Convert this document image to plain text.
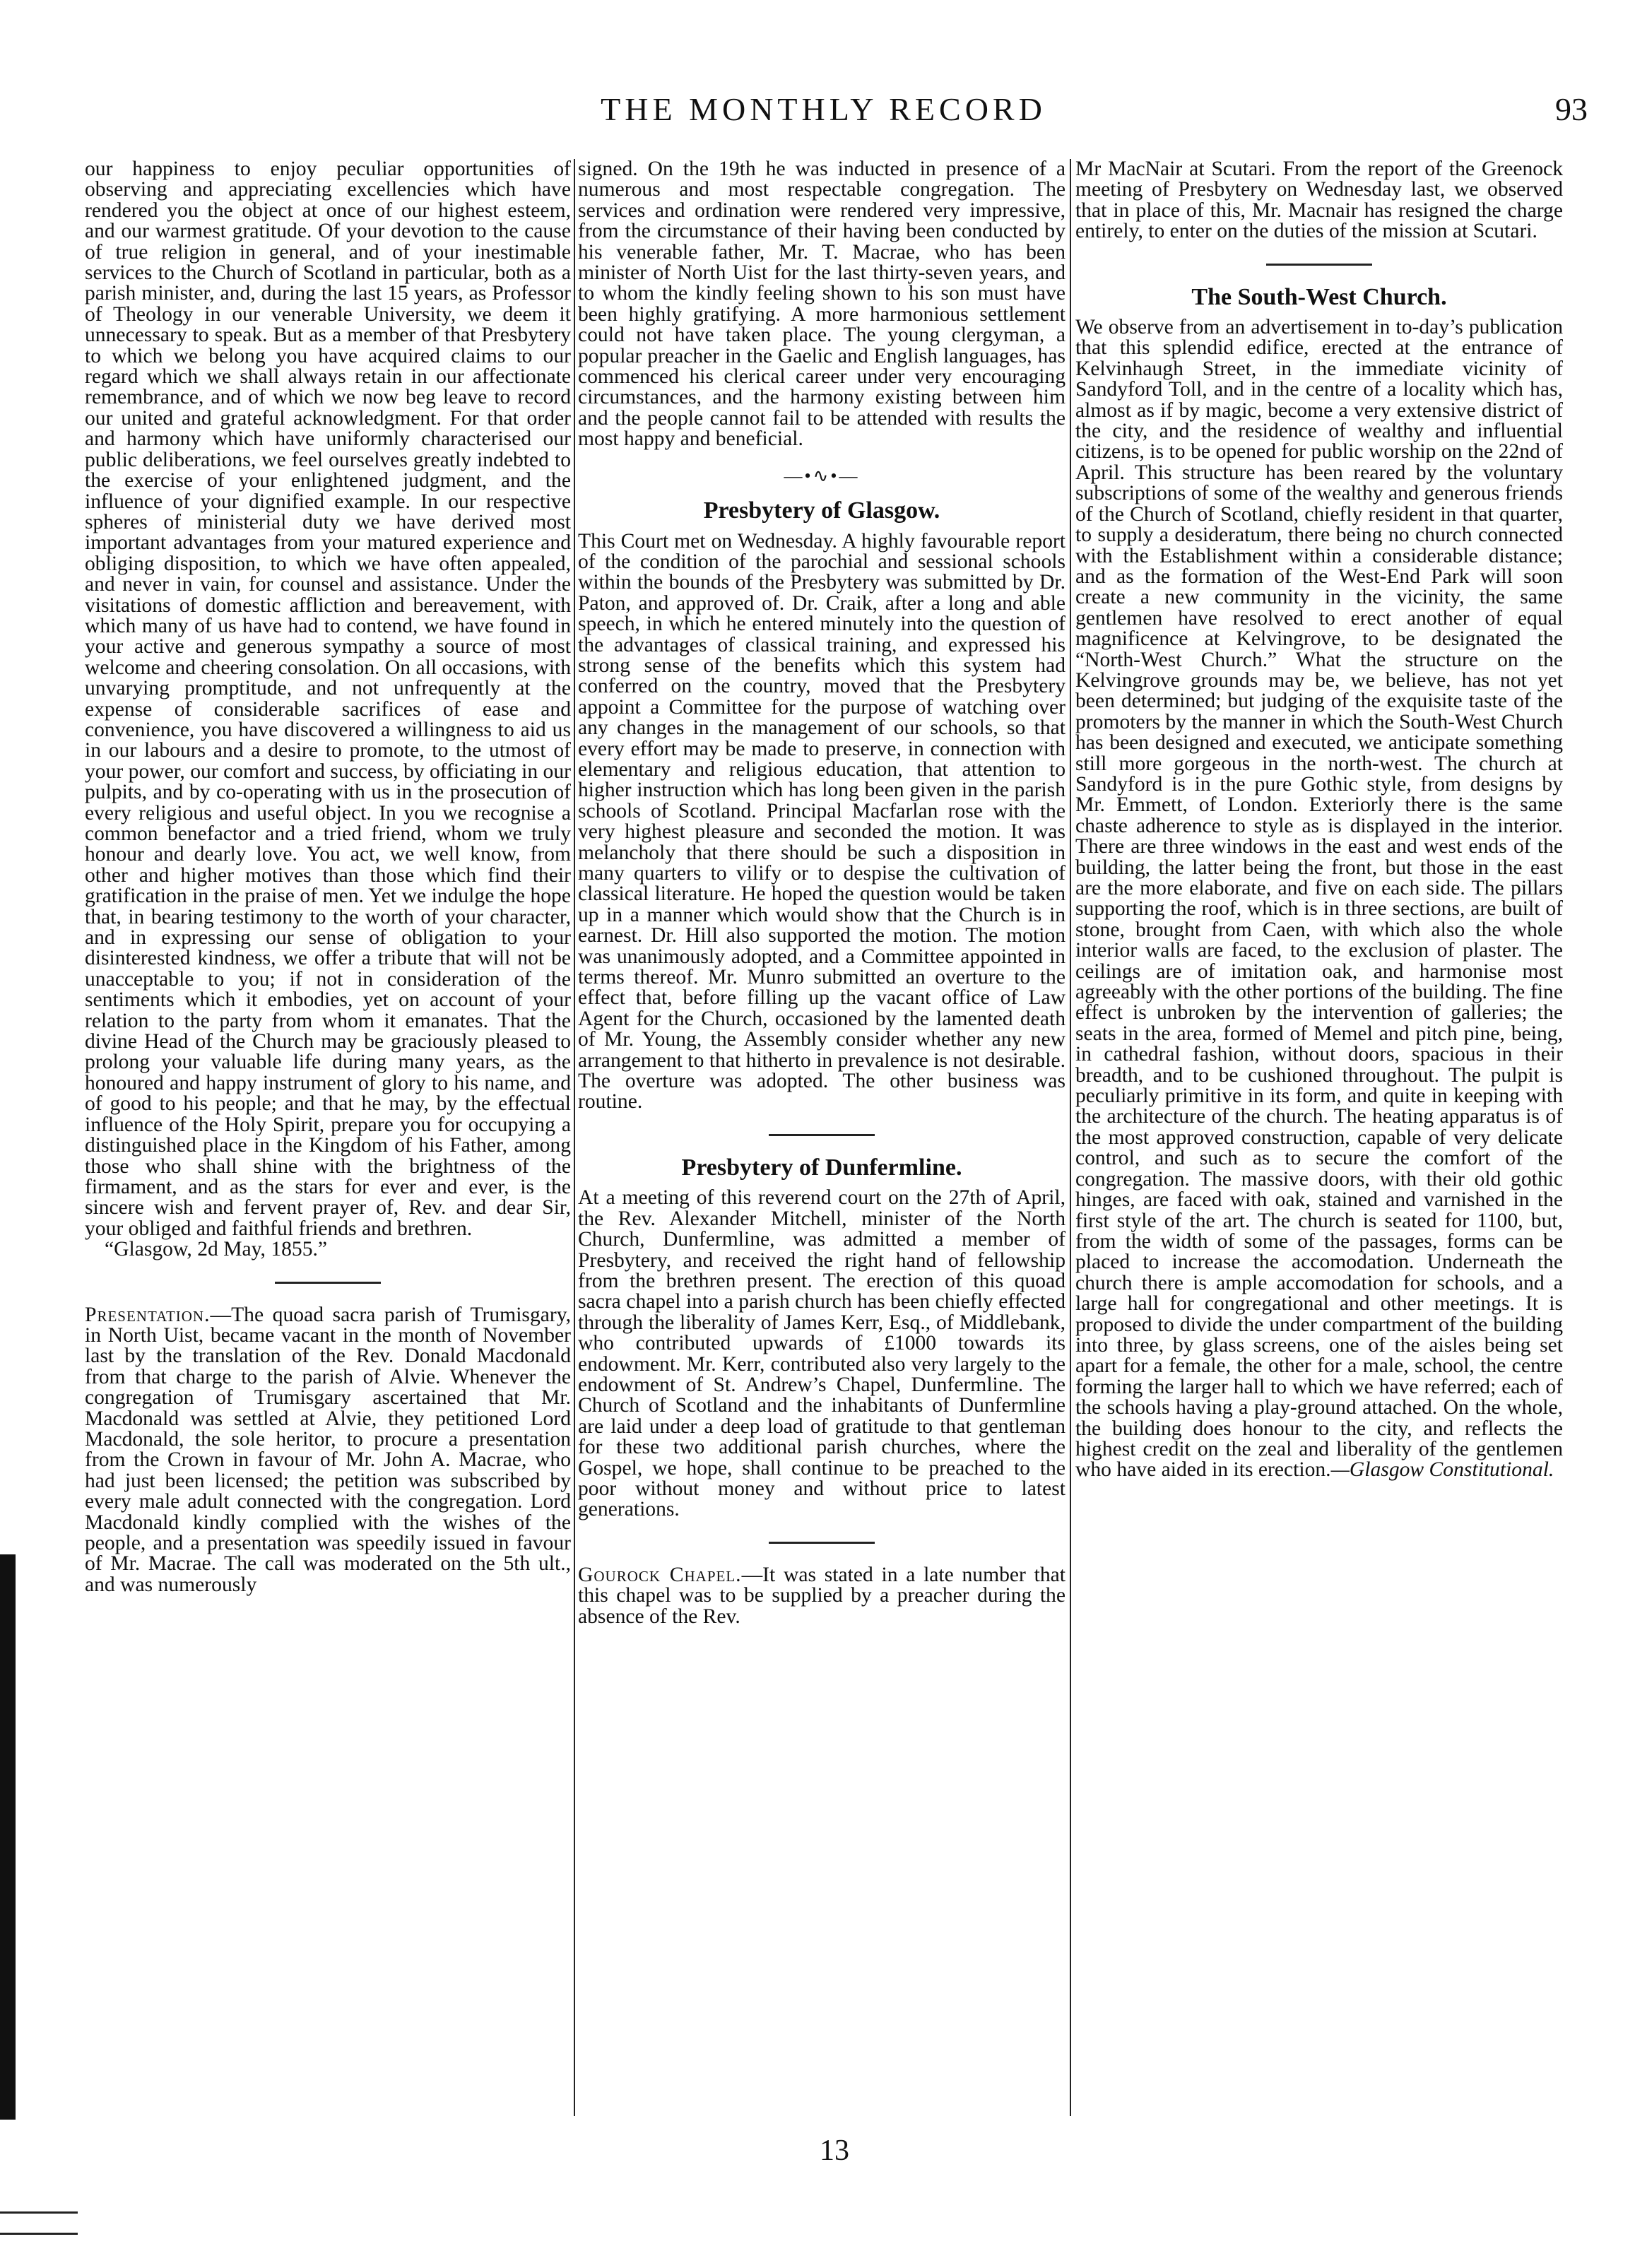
THE MONTHLY RECORD	93

our happiness to enjoy peculiar opportunities of observing and appreciating excellencies which have rendered you the object at once of our highest esteem, and our warmest gratitude. Of your devotion to the cause of true religion in general, and of your inestimable services to the Church of Scotland in particular, both as a parish minister, and, during the last 15 years, as Professor of Theology in our venerable University, we deem it unnecessary to speak. But as a member of that Presbytery to which we belong you have acquired claims to our regard which we shall always retain in our affectionate remembrance, and of which we now beg leave to record our united and grateful acknowledgment. For that order and harmony which have uniformly characterised our public deliberations, we feel ourselves greatly indebted to the exercise of your enlightened judgment, and the influence of your dignified example. In our respective spheres of ministerial duty we have derived most important advantages from your matured experience and obliging disposition, to which we have often appealed, and never in vain, for counsel and assistance. Under the visitations of domestic affliction and bereavement, with which many of us have had to contend, we have found in your active and generous sympathy a source of most welcome and cheering consolation. On all occasions, with unvarying promptitude, and not unfrequently at the expense of considerable sacrifices of ease and convenience, you have discovered a willingness to aid us in our labours and a desire to promote, to the utmost of your power, our comfort and success, by officiating in our pulpits, and by co-operating with us in the prosecution of every religious and useful object. In you we recognise a common benefactor and a tried friend, whom we truly honour and dearly love. You act, we well know, from other and higher motives than those which find their gratification in the praise of men. Yet we indulge the hope that, in bearing testimony to the worth of your character, and in expressing our sense of obligation to your disinterested kindness, we offer a tribute that will not be unacceptable to you; if not in consideration of the sentiments which it embodies, yet on account of your relation to the party from whom it emanates. That the divine Head of the Church may be graciously pleased to prolong your valuable life during many years, as the honoured and happy instrument of glory to his name, and of good to his people; and that he may, by the effectual influence of the Holy Spirit, prepare you for occupying a distinguished place in the Kingdom of his Father, among those who shall shine with the brightness of the firmament, and as the stars for ever and ever, is the sincere wish and fervent prayer of, Rev. and dear Sir, your obliged and faithful friends and brethren.

“Glasgow, 2d May, 1855.”

Presentation.—The quoad sacra parish of Trumisgary, in North Uist, became vacant in the month of November last by the translation of the Rev. Donald Macdonald from that charge to the parish of Alvie. Whenever the congregation of Trumisgary ascertained that Mr. Macdonald was settled at Alvie, they petitioned Lord Macdonald, the sole heritor, to procure a presentation from the Crown in favour of Mr. John A. Macrae, who had just been licensed; the petition was subscribed by every male adult connected with the congregation. Lord Macdonald kindly complied with the wishes of the people, and a presentation was speedily issued in favour of Mr. Macrae. The call was moderated on the 5th ult., and was numerously

signed. On the 19th he was inducted in presence of a numerous and most respectable congregation. The services and ordination were rendered very impressive, from the circumstance of their having been conducted by his venerable father, Mr. T. Macrae, who has been minister of North Uist for the last thirty-seven years, and to whom the kindly feeling shown to his son must have been highly gratifying. A more harmonious settlement could not have taken place. The young clergyman, a popular preacher in the Gaelic and English languages, has commenced his clerical career under very encouraging circumstances, and the harmony existing between him and the people cannot fail to be attended with results the most happy and beneficial.

—•∿•—
Presbytery of Glasgow.

This Court met on Wednesday. A highly favourable report of the condition of the parochial and sessional schools within the bounds of the Presbytery was submitted by Dr. Paton, and approved of. Dr. Craik, after a long and able speech, in which he entered minutely into the question of the advantages of classical training, and expressed his strong sense of the benefits which this system had conferred on the country, moved that the Presbytery appoint a Committee for the purpose of watching over any changes in the management of our schools, so that every effort may be made to preserve, in connection with elementary and religious education, that attention to higher instruction which has long been given in the parish schools of Scotland. Principal Macfarlan rose with the very highest pleasure and seconded the motion. It was melancholy that there should be such a disposition in many quarters to vilify or to despise the cultivation of classical literature. He hoped the question would be taken up in a manner which would show that the Church is in earnest. Dr. Hill also supported the motion. The motion was unanimously adopted, and a Committee appointed in terms thereof. Mr. Munro submitted an overture to the effect that, before filling up the vacant office of Law Agent for the Church, occasioned by the lamented death of Mr. Young, the Assembly consider whether any new arrangement to that hitherto in prevalence is not desirable. The overture was adopted. The other business was routine.

Presbytery of Dunfermline.

At a meeting of this reverend court on the 27th of April, the Rev. Alexander Mitchell, minister of the North Church, Dunfermline, was admitted a member of Presbytery, and received the right hand of fellowship from the brethren present. The erection of this quoad sacra chapel into a parish church has been chiefly effected through the liberality of James Kerr, Esq., of Middlebank, who contributed upwards of £1000 towards its endowment. Mr. Kerr, contributed also very largely to the endowment of St. Andrew’s Chapel, Dunfermline. The Church of Scotland and the inhabitants of Dunfermline are laid under a deep load of gratitude to that gentleman for these two additional parish churches, where the Gospel, we hope, shall continue to be preached to the poor without money and without price to latest generations.

Gourock Chapel.—It was stated in a late number that this chapel was to be supplied by a preacher during the absence of the Rev.

Mr MacNair at Scutari. From the report of the Greenock meeting of Presbytery on Wednesday last, we observed that in place of this, Mr. Macnair has resigned the charge entirely, to enter on the duties of the mission at Scutari.

The South-West Church.

We observe from an advertisement in to-day’s publication that this splendid edifice, erected at the entrance of Kelvinhaugh Street, in the immediate vicinity of Sandyford Toll, and in the centre of a locality which has, almost as if by magic, become a very extensive district of the city, and the residence of wealthy and influential citizens, is to be opened for public worship on the 22nd of April. This structure has been reared by the voluntary subscriptions of some of the wealthy and generous friends of the Church of Scotland, chiefly resident in that quarter, to supply a desideratum, there being no church connected with the Establishment within a considerable distance; and as the formation of the West-End Park will soon create a new community in the vicinity, the same gentlemen have resolved to erect another of equal magnificence at Kelvingrove, to be designated the “North-West Church.” What the structure on the Kelvingrove grounds may be, we believe, has not yet been determined; but judging of the exquisite taste of the promoters by the manner in which the South-West Church has been designed and executed, we anticipate something still more gorgeous in the north-west. The church at Sandyford is in the pure Gothic style, from designs by Mr. Emmett, of London. Exteriorly there is the same chaste adherence to style as is displayed in the interior. There are three windows in the east and west ends of the building, the latter being the front, but those in the east are the more elaborate, and five on each side. The pillars supporting the roof, which is in three sections, are built of stone, brought from Caen, with which also the whole interior walls are faced, to the exclusion of plaster. The ceilings are of imitation oak, and harmonise most agreeably with the other portions of the building. The fine effect is unbroken by the intervention of galleries; the seats in the area, formed of Memel and pitch pine, being, in cathedral fashion, without doors, spacious in their breadth, and to be cushioned throughout. The pulpit is peculiarly primitive in its form, and quite in keeping with the architecture of the church. The heating apparatus is of the most approved construction, capable of very delicate control, and such as to secure the comfort of the congregation. The massive doors, with their old gothic hinges, are faced with oak, stained and varnished in the first style of the art. The church is seated for 1100, but, from the width of some of the passages, forms can be placed to increase the accomodation. Underneath the church there is ample accomodation for schools, and a large hall for congregational and other meetings. It is proposed to divide the under compartment of the building into three, by glass screens, one of the aisles being set apart for a female, the other for a male, school, the centre forming the larger hall to which we have referred; each of the schools having a play-ground attached. On the whole, the building does honour to the city, and reflects the highest credit on the zeal and liberality of the gentlemen who have aided in its erection.—Glasgow Constitutional.

13
